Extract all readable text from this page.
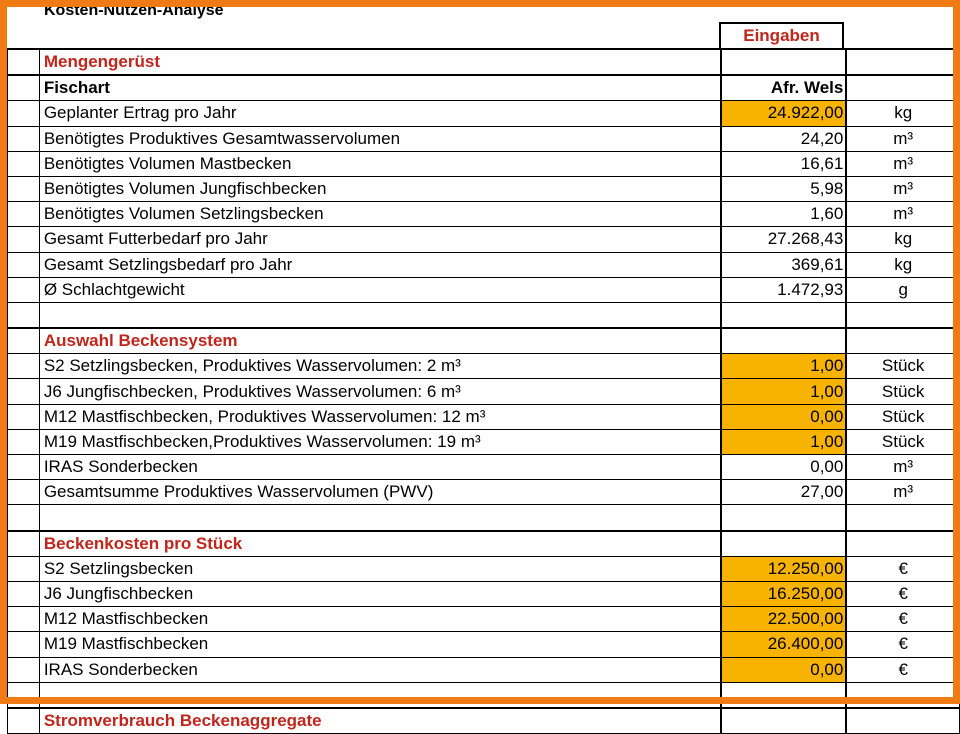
Kosten-Nutzen-Analyse
Eingaben
	Mengengerüst		
	Fischart	Afr. Wels	
	Geplanter Ertrag pro Jahr	24.922,00	kg
	Benötigtes Produktives Gesamtwasservolumen	24,20	m³
	Benötigtes Volumen Mastbecken	16,61	m³
	Benötigtes Volumen Jungfischbecken	5,98	m³
	Benötigtes Volumen Setzlingsbecken	1,60	m³
	Gesamt Futterbedarf pro Jahr	27.268,43	kg
	Gesamt Setzlingsbedarf pro Jahr	369,61	kg
	Ø Schlachtgewicht	1.472,93	g

	Auswahl Beckensystem		
	S2 Setzlingsbecken, Produktives Wasservolumen: 2 m³	1,00	Stück
	J6 Jungfischbecken, Produktives Wasservolumen: 6 m³	1,00	Stück
	M12 Mastfischbecken, Produktives Wasservolumen: 12 m³	0,00	Stück
	M19 Mastfischbecken,Produktives Wasservolumen: 19 m³	1,00	Stück
	IRAS Sonderbecken	0,00	m³
	Gesamtsumme Produktives Wasservolumen (PWV)	27,00	m³

	Beckenkosten pro Stück		
	S2 Setzlingsbecken	12.250,00	€
	J6 Jungfischbecken	16.250,00	€
	M12 Mastfischbecken	22.500,00	€
	M19 Mastfischbecken	26.400,00	€
	IRAS Sonderbecken	0,00	€

	Stromverbrauch Beckenaggregate		
